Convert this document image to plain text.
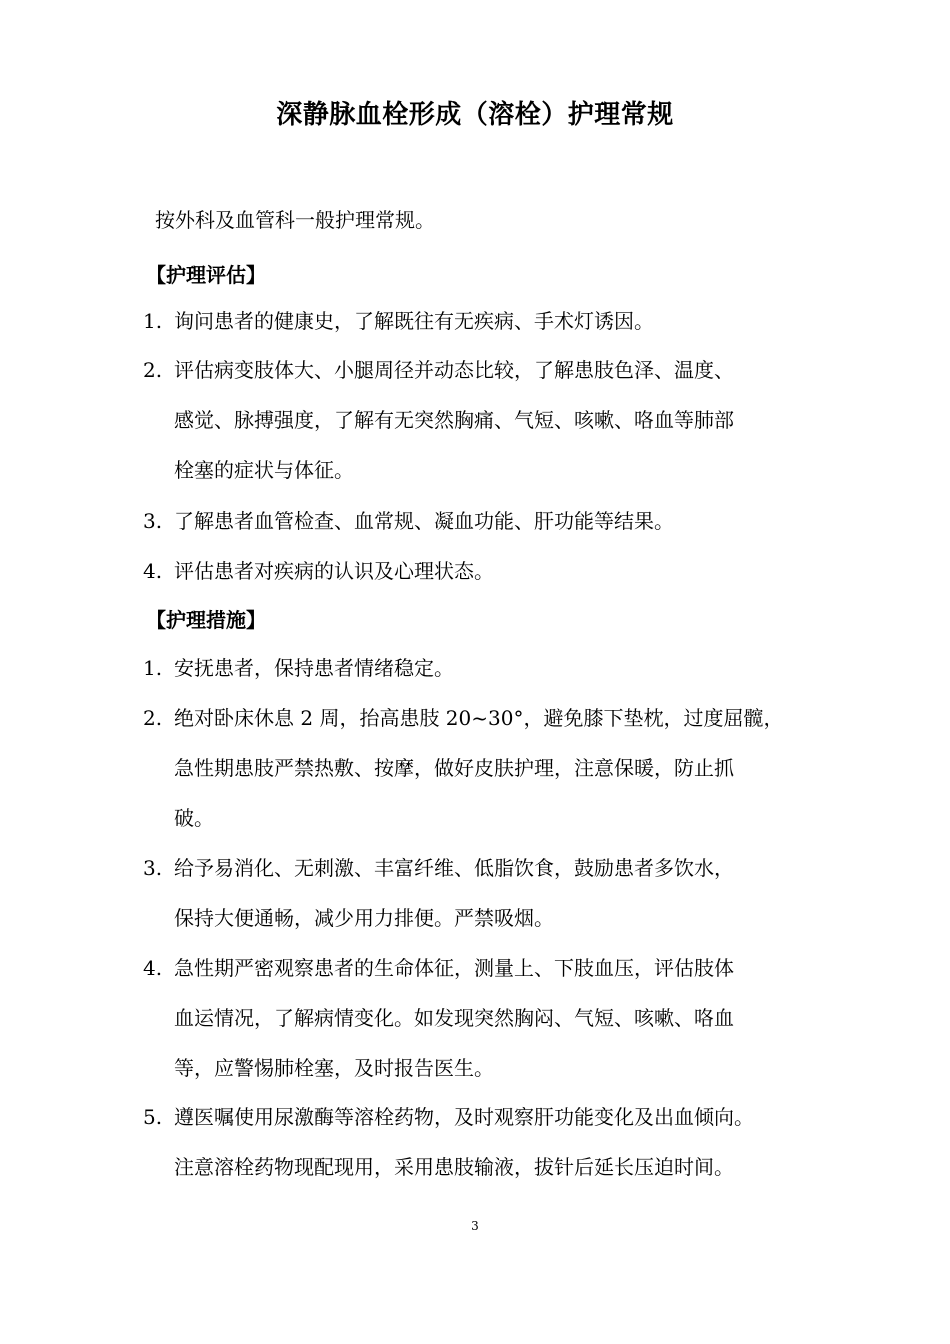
深静脉血栓形成（溶栓）护理常规
按外科及血管科一般护理常规。
【护理评估】
1. 询问患者的健康史，了解既往有无疾病、手术灯诱因。
2. 评估病变肢体大、小腿周径并动态比较，了解患肢色泽、温度、
感觉、脉搏强度，了解有无突然胸痛、气短、咳嗽、咯血等肺部
栓塞的症状与体征。
3. 了解患者血管检查、血常规、凝血功能、肝功能等结果。
4. 评估患者对疾病的认识及心理状态。
【护理措施】
1. 安抚患者，保持患者情绪稳定。
2. 绝对卧床休息 2 周，抬高患肢 20~30°，避免膝下垫枕，过度屈髋，
急性期患肢严禁热敷、按摩，做好皮肤护理，注意保暖，防止抓
破。
3. 给予易消化、无刺激、丰富纤维、低脂饮食，鼓励患者多饮水，
保持大便通畅，减少用力排便。严禁吸烟。
4. 急性期严密观察患者的生命体征，测量上、下肢血压，评估肢体
血运情况，了解病情变化。如发现突然胸闷、气短、咳嗽、咯血
等，应警惕肺栓塞，及时报告医生。
5. 遵医嘱使用尿激酶等溶栓药物，及时观察肝功能变化及出血倾向。
注意溶栓药物现配现用，采用患肢输液，拔针后延长压迫时间。
3
